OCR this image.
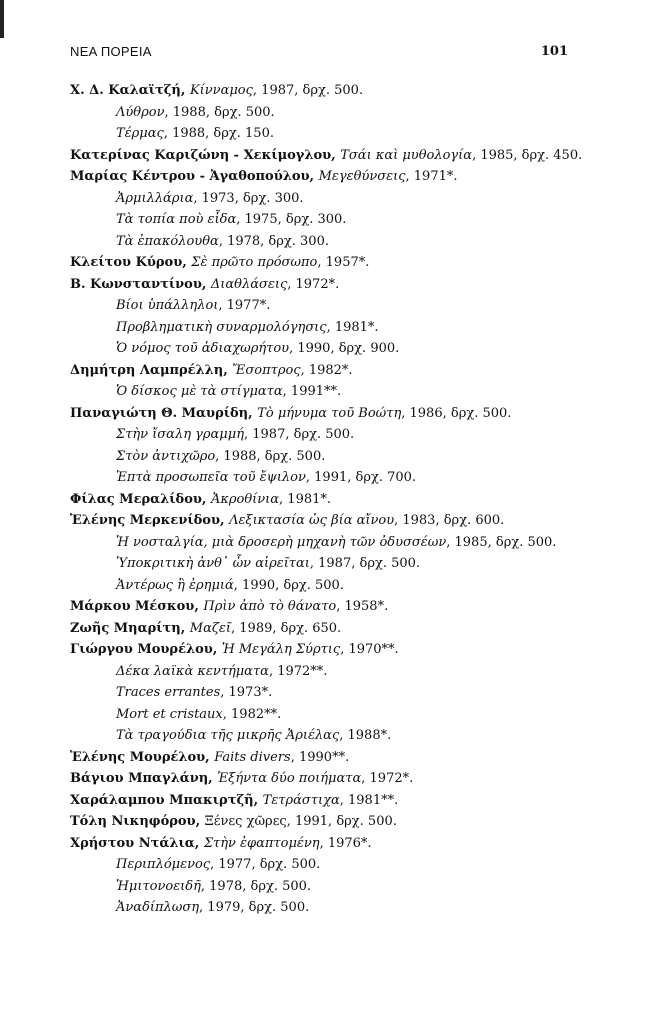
ΝΕΑ ΠΟΡΕΙΑ	101
Χ. Δ. Καλαϊτζή, Κίνναμος, 1987, δρχ. 500.
Λύθρον, 1988, δρχ. 500.
Τέρμας, 1988, δρχ. 150.
Κατερίνας Καριζώνη - Χεκίμογλου, Τσάι καὶ μυθολογία, 1985, δρχ. 450.
Μαρίας Κέντρου - Ἀγαθοπούλου, Μεγεθύνσεις, 1971*.
Ἀρμιλλάρια, 1973, δρχ. 300.
Τὰ τοπία ποὺ εἶδα, 1975, δρχ. 300.
Τὰ ἐπακόλουθα, 1978, δρχ. 300.
Κλείτου Κύρου, Σὲ πρῶτο πρόσωπο, 1957*.
Β. Κωνσταντίνου, Διαθλάσεις, 1972*.
Βίοι ὑπάλληλοι, 1977*.
Προβληματικὴ συναρμολόγησις, 1981*.
Ὁ νόμος τοῦ ἀδιαχωρήτου, 1990, δρχ. 900.
Δημήτρη Λαμπρέλλη, Ἔσοπτρος, 1982*.
Ὁ δίσκος μὲ τὰ στίγματα, 1991**.
Παναγιώτη Θ. Μαυρίδη, Τὸ μήνυμα τοῦ Βοώτη, 1986, δρχ. 500.
Στὴν ἴσαλη γραμμή, 1987, δρχ. 500.
Στὸν ἀντιχῶρο, 1988, δρχ. 500.
Ἑπτὰ προσωπεῖα τοῦ ἔψιλον, 1991, δρχ. 700.
Φίλας Μεραλίδου, Ἀκροθίνια, 1981*.
Ἑλένης Μερκενίδου, Λεξικτασία ὡς βία αἴνου, 1983, δρχ. 600.
Ἡ νοσταλγία, μιὰ δροσερὴ μηχανὴ τῶν ὀδυσσέων, 1985, δρχ. 500.
Ὑποκριτικὴ ἀνθ᾽ ὧν αἱρεῖται, 1987, δρχ. 500.
Ἀντέρως ἢ ἐρημιά, 1990, δρχ. 500.
Μάρκου Μέσκου, Πρὶν ἀπὸ τὸ θάνατο, 1958*.
Ζωῆς Μηαρίτη, Μαζεῖ, 1989, δρχ. 650.
Γιώργου Μουρέλου, Ἡ Μεγάλη Σύρτις, 1970**.
Δέκα λαϊκὰ κεντήματα, 1972**.
Traces errantes, 1973*.
Mort et cristaux, 1982**.
Τὰ τραγούδια τῆς μικρῆς Ἀριέλας, 1988*.
Ἑλένης Μουρέλου, Faits divers, 1990**.
Βάγιου Μπαγλάνη, Ἑξήντα δύο ποιήματα, 1972*.
Χαράλαμπου Μπακιρτζῆ, Τετράστιχα, 1981**.
Τόλη Νικηφόρου, Ξένες χῶρες, 1991, δρχ. 500.
Χρήστου Ντάλια, Στὴν ἐφαπτομένη, 1976*.
Περιπλόμενος, 1977, δρχ. 500.
Ἡμιτονοειδῆ, 1978, δρχ. 500.
Ἀναδίπλωση, 1979, δρχ. 500.
